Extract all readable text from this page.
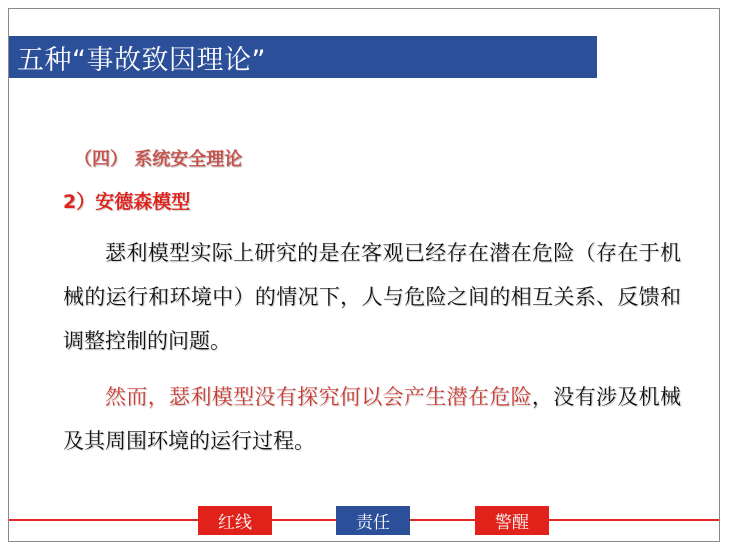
五种“事故致因理论”
（四） 系统安全理论
2）安德森模型

瑟利模型实际上研究的是在客观已经存在潜在危险（存在于机械的运行和环境中）的情况下，人与危险之间的相互关系、反馈和调整控制的问题。

然而，瑟利模型没有探究何以会产生潜在危险，没有涉及机械及其周围环境的运行过程。

红线	责任	警醒
